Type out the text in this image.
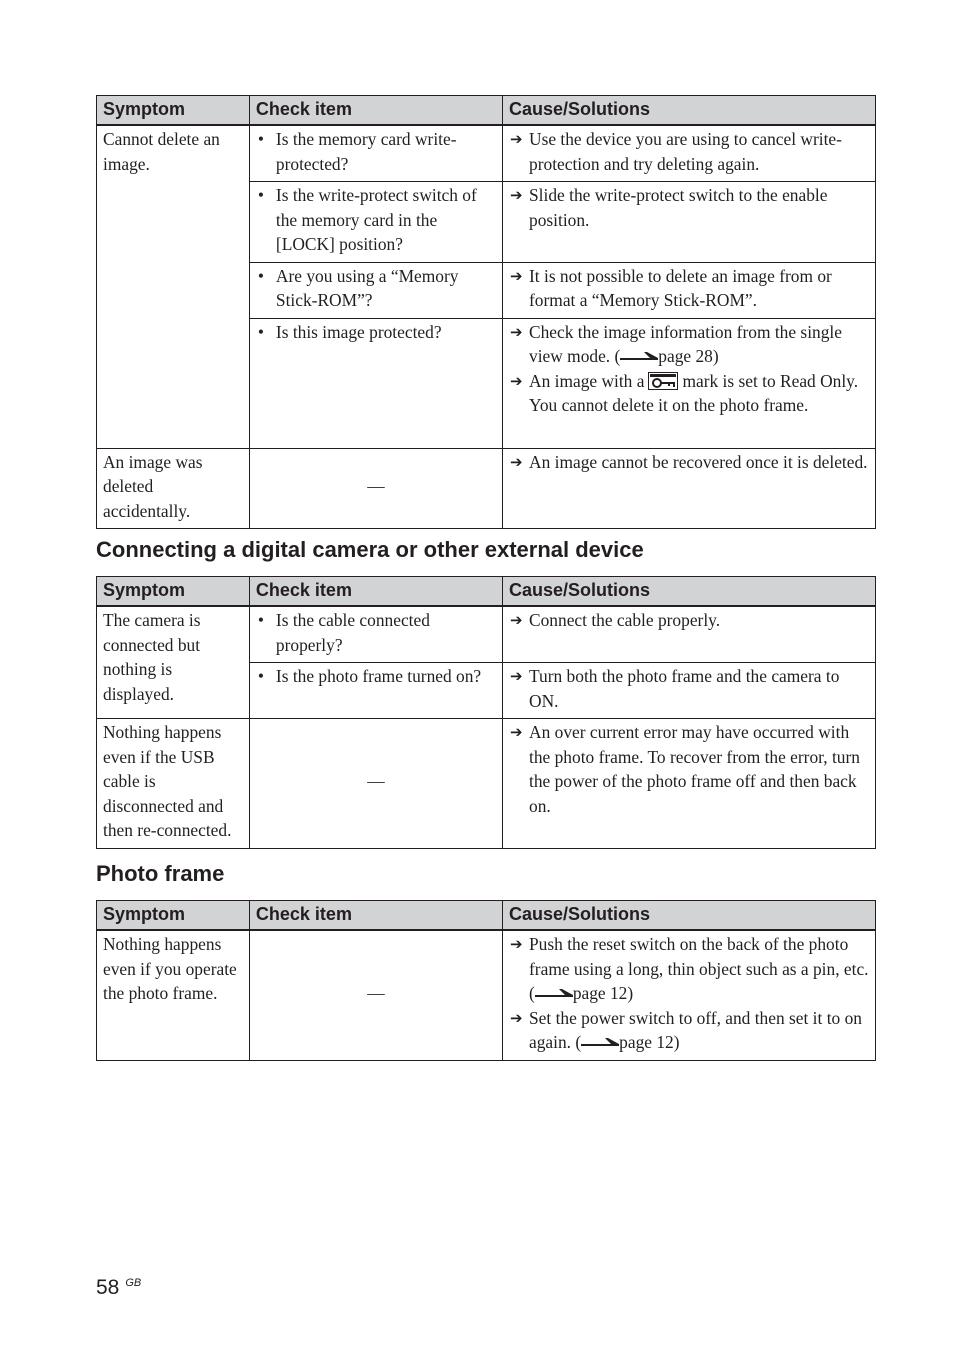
Symptom	Check item	Cause/Solutions
Cannot delete an image.	• Is the memory card write-protected?	➔ Use the device you are using to cancel write-protection and try deleting again.

	• Is the write-protect switch of the memory card in the [LOCK] position?	➔ Slide the write-protect switch to the enable position.

	• Are you using a “Memory Stick-ROM”?	➔ It is not possible to delete an image from or format a “Memory Stick-ROM”.

	• Is this image protected?	➔ Check the image information from the single view mode. ( page 28)
➔ An image with a mark is set to Read Only. You cannot delete it on the photo frame.

An image was deleted accidentally.	—	➔ An image cannot be recovered once it is deleted.
Connecting a digital camera or other external device
Symptom	Check item	Cause/Solutions
The camera is connected but nothing is displayed.	• Is the cable connected properly?	➔ Connect the cable properly.

	• Is the photo frame turned on?	➔ Turn both the photo frame and the camera to ON.

Nothing happens even if the USB cable is disconnected and then re-connected.	—	➔ An over current error may have occurred with the photo frame. To recover from the error, turn the power of the photo frame off and then back on.
Photo frame
Symptom	Check item	Cause/Solutions
Nothing happens even if you operate the photo frame.	—	➔ Push the reset switch on the back of the photo frame using a long, thin object such as a pin, etc. ( page 12)
➔ Set the power switch to off, and then set it to on again. ( page 12)
58 $^{GB}$
